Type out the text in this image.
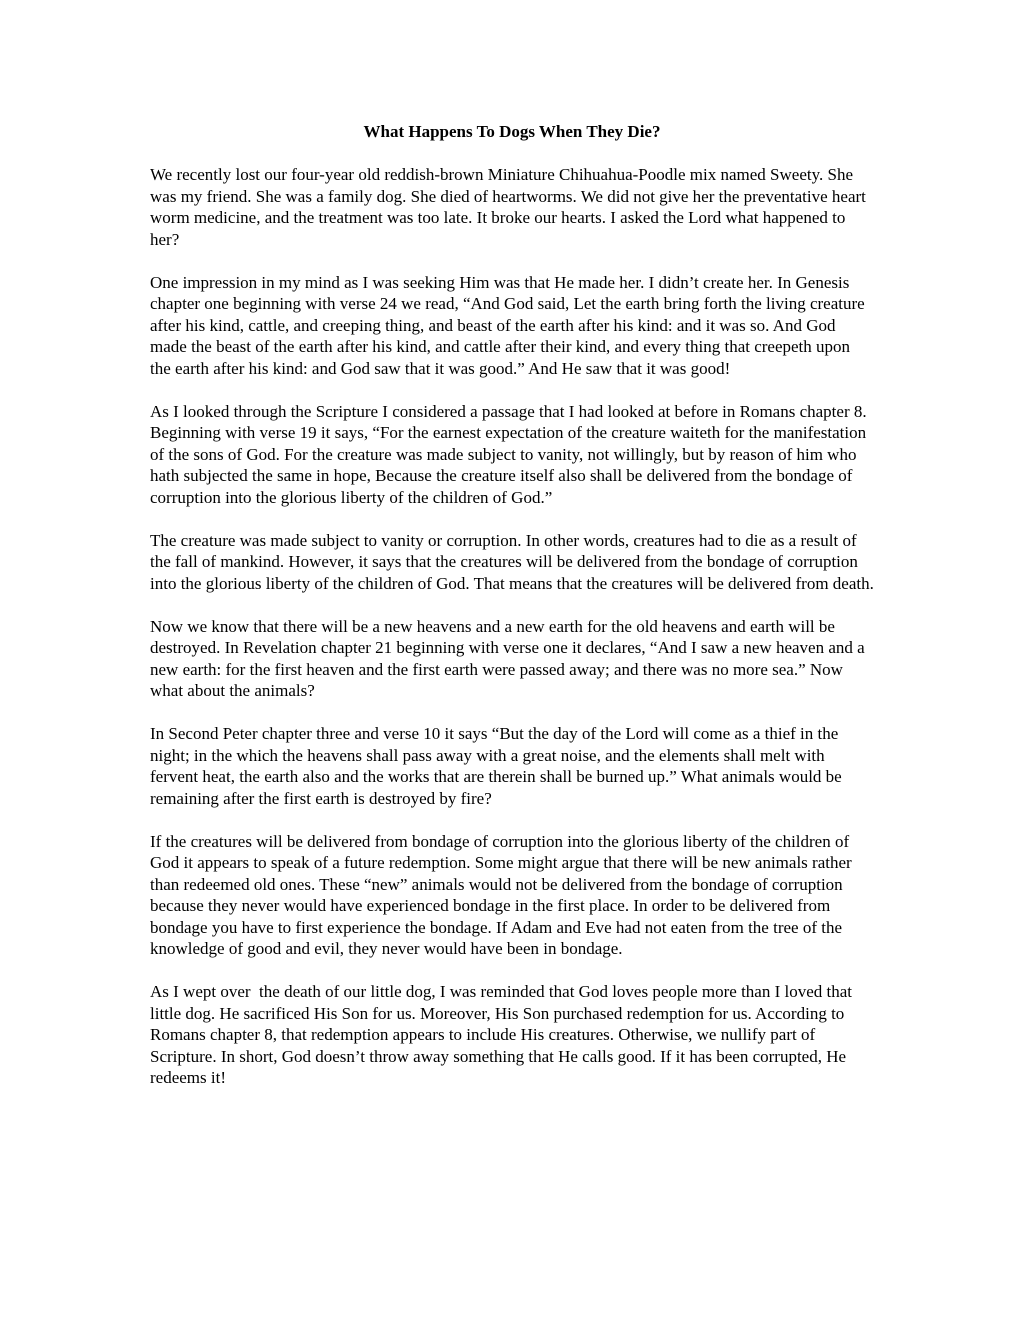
What Happens To Dogs When They Die?

We recently lost our four-year old reddish-brown Miniature Chihuahua-Poodle mix named Sweety. She was my friend. She was a family dog. She died of heartworms. We did not give her the preventative heart worm medicine, and the treatment was too late. It broke our hearts. I asked the Lord what happened to her?

One impression in my mind as I was seeking Him was that He made her. I didn’t create her. In Genesis chapter one beginning with verse 24 we read, “And God said, Let the earth bring forth the living creature after his kind, cattle, and creeping thing, and beast of the earth after his kind: and it was so. And God made the beast of the earth after his kind, and cattle after their kind, and every thing that creepeth upon the earth after his kind: and God saw that it was good.” And He saw that it was good!

As I looked through the Scripture I considered a passage that I had looked at before in Romans chapter 8. Beginning with verse 19 it says, “For the earnest expectation of the creature waiteth for the manifestation of the sons of God. For the creature was made subject to vanity, not willingly, but by reason of him who hath subjected the same in hope, Because the creature itself also shall be delivered from the bondage of corruption into the glorious liberty of the children of God.”

The creature was made subject to vanity or corruption. In other words, creatures had to die as a result of the fall of mankind. However, it says that the creatures will be delivered from the bondage of corruption into the glorious liberty of the children of God. That means that the creatures will be delivered from death.

Now we know that there will be a new heavens and a new earth for the old heavens and earth will be destroyed. In Revelation chapter 21 beginning with verse one it declares, “And I saw a new heaven and a new earth: for the first heaven and the first earth were passed away; and there was no more sea.” Now what about the animals?

In Second Peter chapter three and verse 10 it says “But the day of the Lord will come as a thief in the night; in the which the heavens shall pass away with a great noise, and the elements shall melt with fervent heat, the earth also and the works that are therein shall be burned up.” What animals would be remaining after the first earth is destroyed by fire?

If the creatures will be delivered from bondage of corruption into the glorious liberty of the children of God it appears to speak of a future redemption. Some might argue that there will be new animals rather than redeemed old ones. These “new” animals would not be delivered from the bondage of corruption because they never would have experienced bondage in the first place. In order to be delivered from bondage you have to first experience the bondage. If Adam and Eve had not eaten from the tree of the knowledge of good and evil, they never would have been in bondage.

As I wept over  the death of our little dog, I was reminded that God loves people more than I loved that little dog. He sacrificed His Son for us. Moreover, His Son purchased redemption for us. According to Romans chapter 8, that redemption appears to include His creatures. Otherwise, we nullify part of Scripture. In short, God doesn’t throw away something that He calls good. If it has been corrupted, He redeems it!
